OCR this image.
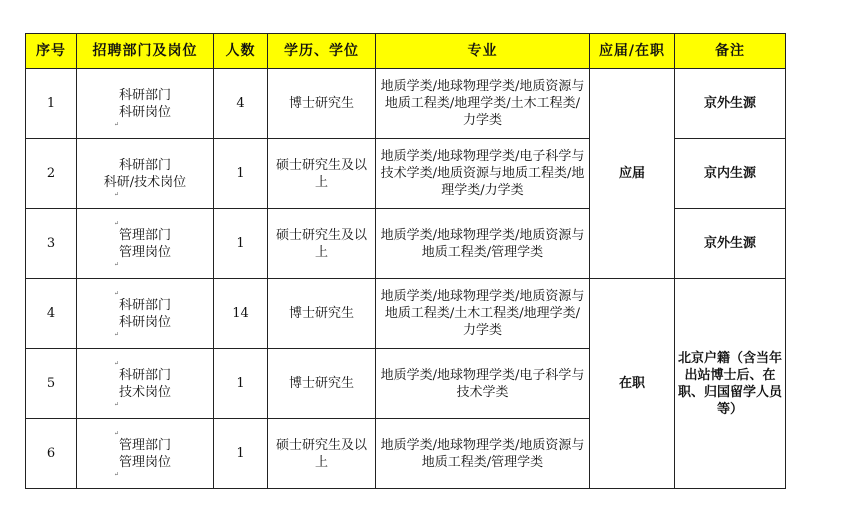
序号	招聘部门及岗位	人数	学历、学位	专业	应届/在职	备注
1	科研部门
科研岗位
↵	4	博士研究生	地质学类/地球物理学类/地质资源与地质工程类/地理学类/土木工程类/力学类	应届	京外生源
2	科研部门
科研/技术岗位
↵	1	硕士研究生及以上	地质学类/地球物理学类/电子科学与技术学类/地质资源与地质工程类/地理学类/力学类		京内生源
3	↵
管理部门
管理岗位
↵	1	硕士研究生及以上	地质学类/地球物理学类/地质资源与地质工程类/管理学类		京外生源
4	↵
科研部门
科研岗位
↵	14	博士研究生	地质学类/地球物理学类/地质资源与地质工程类/土木工程类/地理学类/力学类	在职	北京户籍（含当年出站博士后、在职、归国留学人员等）
5	↵
科研部门
技术岗位
↵	1	博士研究生	地质学类/地球物理学类/电子科学与技术学类		
6	↵
管理部门
管理岗位
↵	1	硕士研究生及以上	地质学类/地球物理学类/地质资源与地质工程类/管理学类		
